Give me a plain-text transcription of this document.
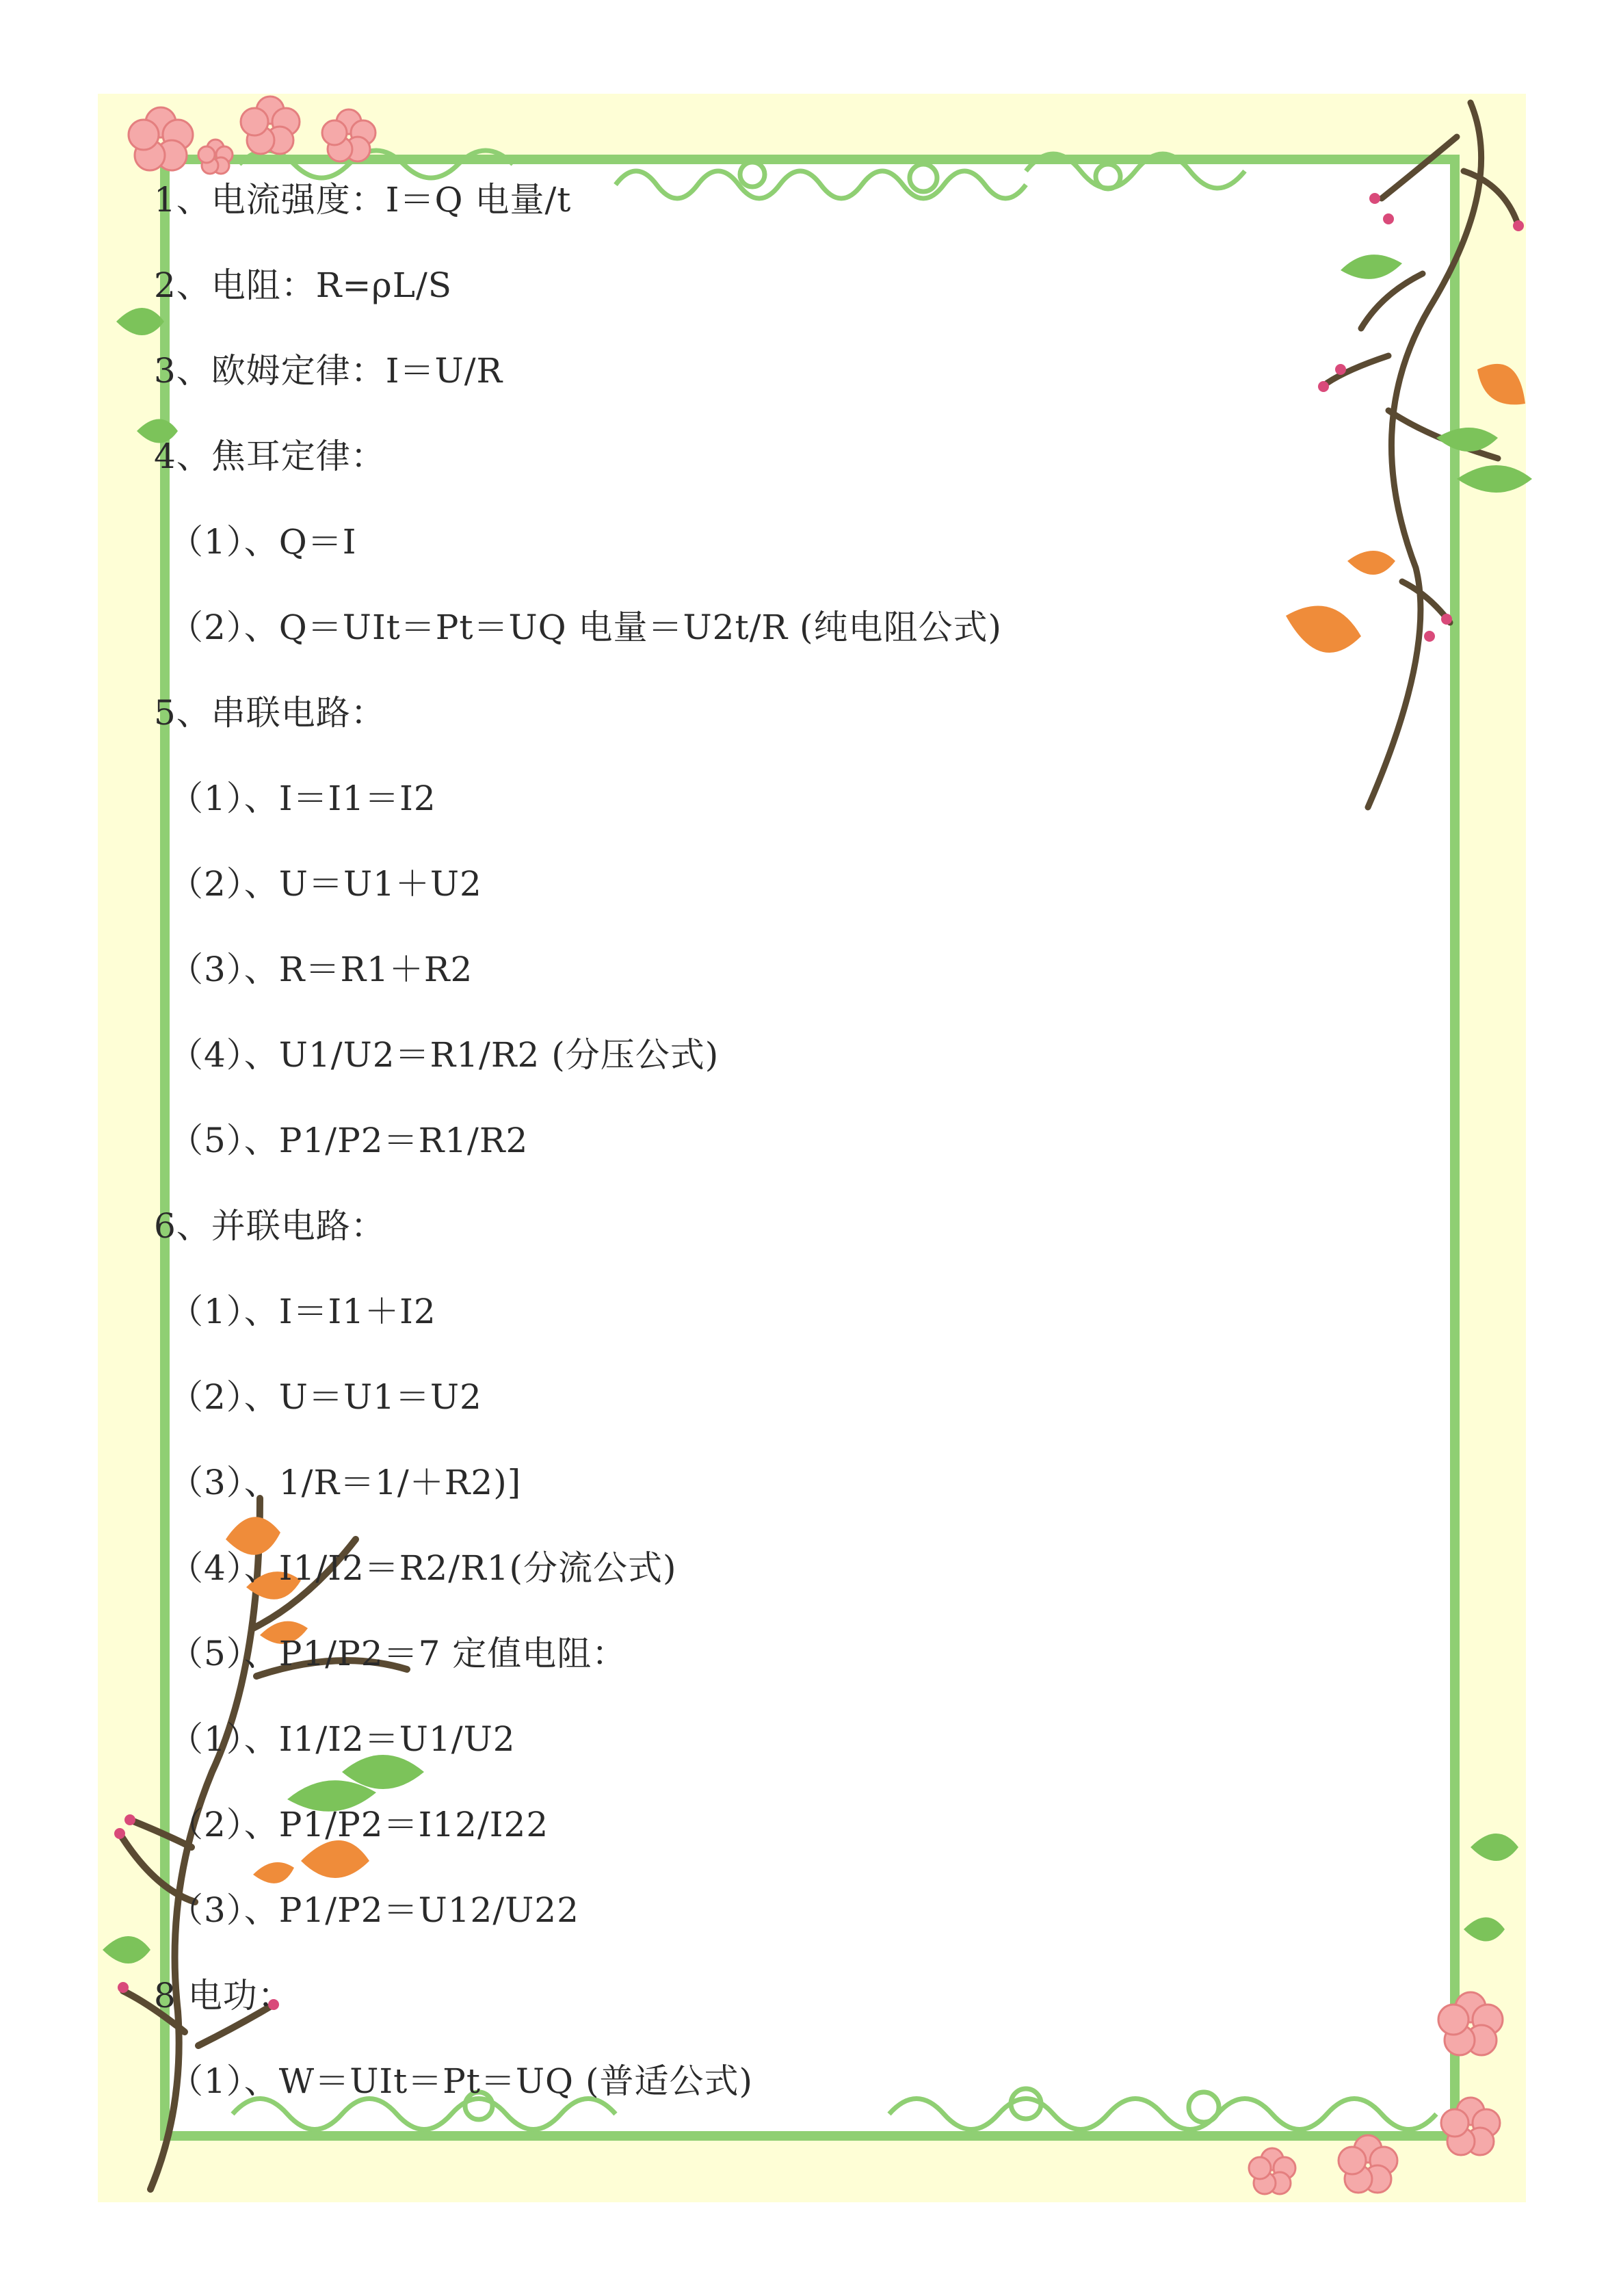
1、电流强度：I＝Q 电量/t
2、电阻：R=ρL/S
3、欧姆定律：I＝U/R
4、焦耳定律：
（1）、Q＝I
（2）、Q＝UIt＝Pt＝UQ 电量＝U2t/R (纯电阻公式)
5、串联电路：
（1）、I＝I1＝I2
（2）、U＝U1＋U2
（3）、R＝R1＋R2
（4）、U1/U2＝R1/R2 (分压公式)
（5）、P1/P2＝R1/R2
6、并联电路：
（1）、I＝I1＋I2
（2）、U＝U1＝U2
（3）、1/R＝1/＋R2)]
（4）、I1/I2＝R2/R1(分流公式)
（5）、P1/P2＝7 定值电阻：
（1）、I1/I2＝U1/U2
（2）、P1/P2＝I12/I22
（3）、P1/P2＝U12/U22
8 电功：
（1）、W＝UIt＝Pt＝UQ (普适公式)
